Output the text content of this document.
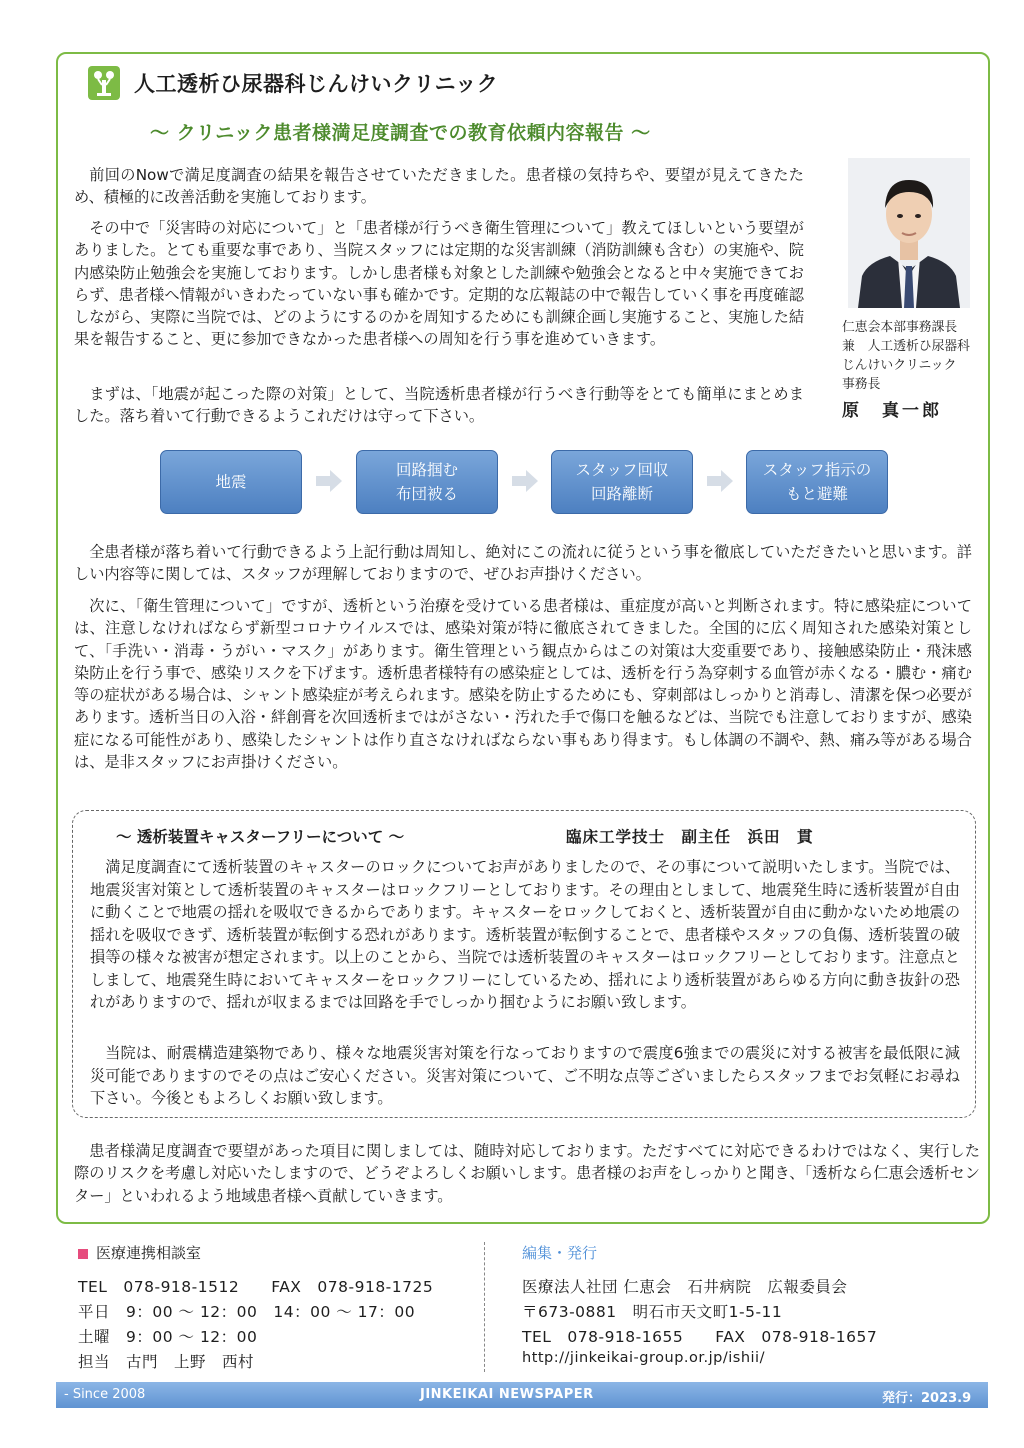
人工透析ひ尿器科じんけいクリニック
～ クリニック患者様満足度調査での教育依頼内容報告 ～

前回のNowで満足度調査の結果を報告させていただきました。患者様の気持ちや、要望が見えてきたため、積極的に改善活動を実施しております。

その中で「災害時の対応について」と「患者様が行うべき衛生管理について」教えてほしいという要望がありました。とても重要な事であり、当院スタッフには定期的な災害訓練（消防訓練も含む）の実施や、院内感染防止勉強会を実施しております。しかし患者様も対象とした訓練や勉強会となると中々実施できておらず、患者様へ情報がいきわたっていない事も確かです。定期的な広報誌の中で報告していく事を再度確認しながら、実際に当院では、どのようにするのかを周知するためにも訓練企画し実施すること、実施した結果を報告すること、更に参加できなかった患者様への周知を行う事を進めていきます。

まずは、「地震が起こった際の対策」として、当院透析患者様が行うべき行動等をとても簡単にまとめました。落ち着いて行動できるようこれだけは守って下さい。

仁恵会本部事務課長
兼　人工透析ひ尿器科
じんけいクリニック
事務長
原　真一郎
地震
回路掴む
布団被る
スタッフ回収
回路離断
スタッフ指示の
もと避難

全患者様が落ち着いて行動できるよう上記行動は周知し、絶対にこの流れに従うという事を徹底していただきたいと思います。詳しい内容等に関しては、スタッフが理解しておりますので、ぜひお声掛けください。

次に、「衛生管理について」ですが、透析という治療を受けている患者様は、重症度が高いと判断されます。特に感染症については、注意しなければならず新型コロナウイルスでは、感染対策が特に徹底されてきました。全国的に広く周知された感染対策として、「手洗い・消毒・うがい・マスク」があります。衛生管理という観点からはこの対策は大変重要であり、接触感染防止・飛沫感染防止を行う事で、感染リスクを下げます。透析患者様特有の感染症としては、透析を行う為穿刺する血管が赤くなる・膿む・痛む等の症状がある場合は、シャント感染症が考えられます。感染を防止するためにも、穿刺部はしっかりと消毒し、清潔を保つ必要があります。透析当日の入浴・絆創膏を次回透析まではがさない・汚れた手で傷口を触るなどは、当院でも注意しておりますが、感染症になる可能性があり、感染したシャントは作り直さなければならない事もあり得ます。もし体調の不調や、熱、痛み等がある場合は、是非スタッフにお声掛けください。

～ 透析装置キャスターフリーについて ～	臨床工学技士　副主任　浜田　貫

満足度調査にて透析装置のキャスターのロックについてお声がありましたので、その事について説明いたします。当院では、地震災害対策として透析装置のキャスターはロックフリーとしております。その理由としまして、地震発生時に透析装置が自由に動くことで地震の揺れを吸収できるからであります。キャスターをロックしておくと、透析装置が自由に動かないため地震の揺れを吸収できず、透析装置が転倒する恐れがあります。透析装置が転倒することで、患者様やスタッフの負傷、透析装置の破損等の様々な被害が想定されます。以上のことから、当院では透析装置のキャスターはロックフリーとしております。注意点としまして、地震発生時においてキャスターをロックフリーにしているため、揺れにより透析装置があらゆる方向に動き抜針の恐れがありますので、揺れが収まるまでは回路を手でしっかり掴むようにお願い致します。

当院は、耐震構造建築物であり、様々な地震災害対策を行なっておりますので震度6強までの震災に対する被害を最低限に減災可能でありますのでその点はご安心ください。災害対策について、ご不明な点等ございましたらスタッフまでお気軽にお尋ね下さい。今後ともよろしくお願い致します。

患者様満足度調査で要望があった項目に関しましては、随時対応しております。ただすべてに対応できるわけではなく、実行した際のリスクを考慮し対応いたしますので、どうぞよろしくお願いします。患者様のお声をしっかりと聞き、「透析なら仁恵会透析センター」といわれるよう地域患者様へ貢献していきます。

医療連携相談室
TEL　078-918-1512　　FAX　078-918-1725
平日　9：00 ～ 12：00　14：00 ～ 17：00
土曜　9：00 ～ 12：00
担当　古門　上野　西村
編集・発行
医療法人社団 仁恵会　石井病院　広報委員会
〒673-0881　明石市天文町1-5-11
TEL　078-918-1655　　FAX　078-918-1657
http://jinkeikai-group.or.jp/ishii/
- Since 2008	JINKEIKAI NEWSPAPER	発行：2023.9
